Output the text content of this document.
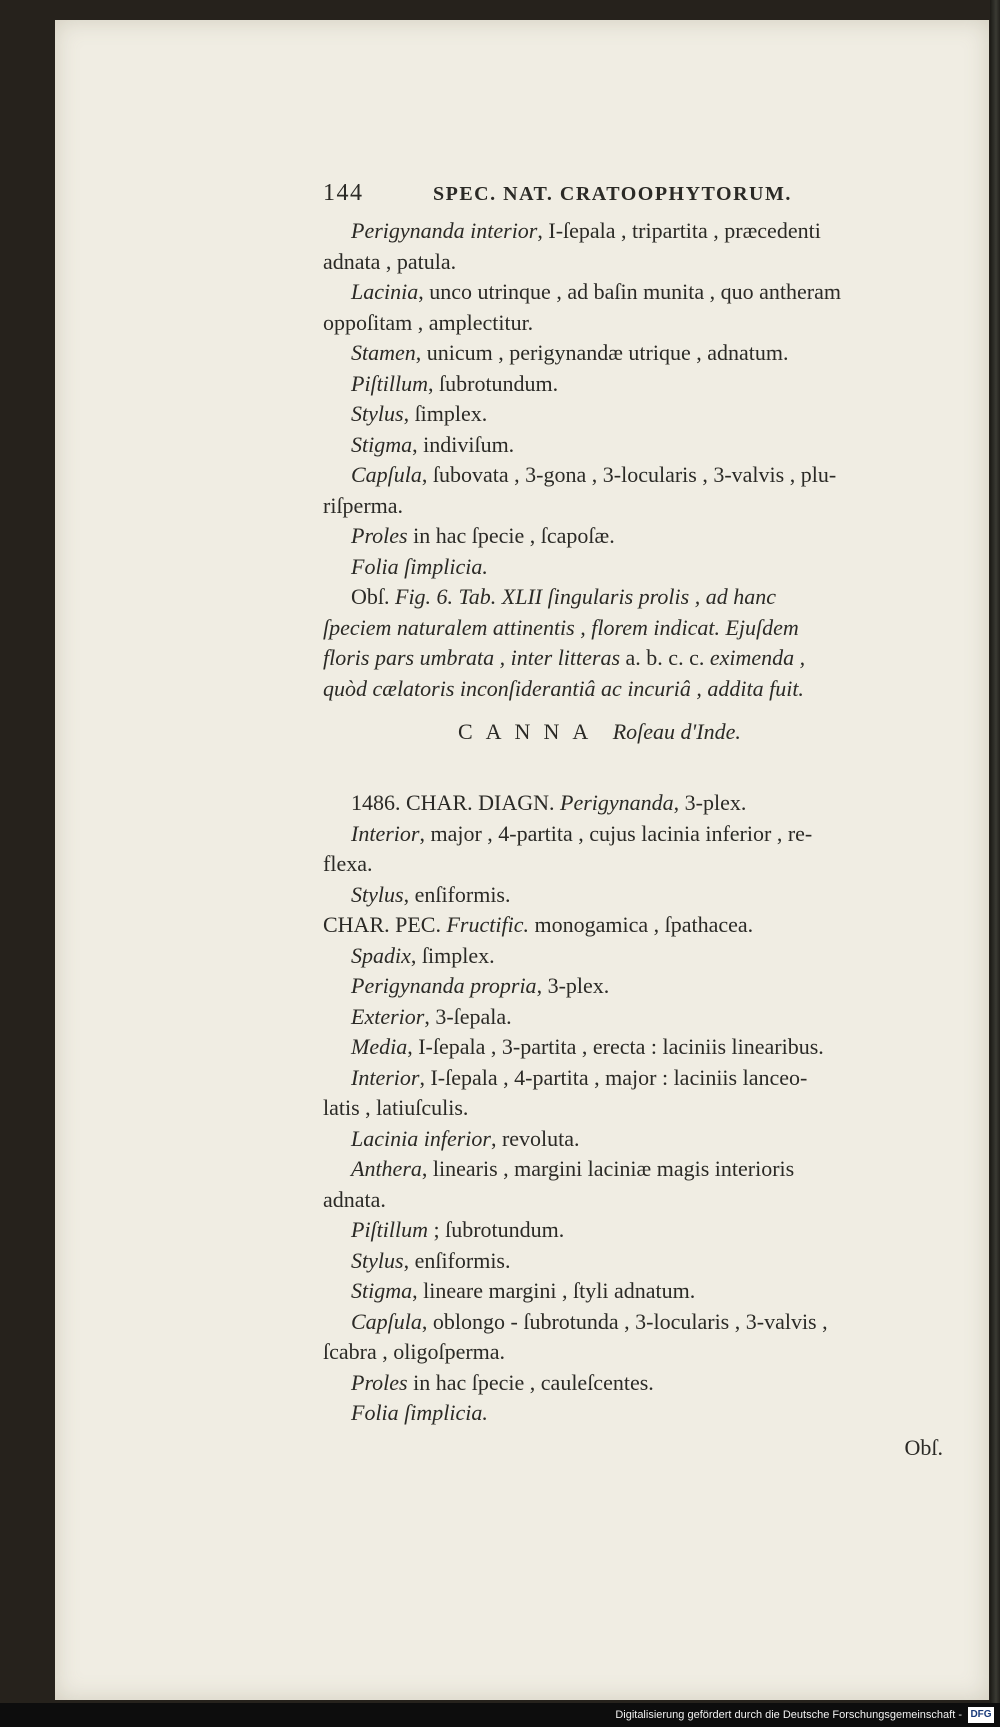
144	SPEC. NAT. CRATOOPHYTORUM.
Perigynanda interior, I-ſepala , tripartita , præcedenti
adnata , patula.
Lacinia, unco utrinque , ad baſin munita , quo antheram
oppoſitam , amplectitur.
Stamen, unicum , perigynandæ utrique , adnatum.
Piſtillum, ſubrotundum.
Stylus, ſimplex.
Stigma, indiviſum.
Capſula, ſubovata , 3-gona , 3-locularis , 3-valvis , plu-
riſperma.
Proles in hac ſpecie , ſcapoſæ.
Folia ſimplicia.
Obſ. Fig. 6. Tab. XLII ſingularis prolis , ad hanc
ſpeciem naturalem attinentis , florem indicat. Ejuſdem
floris pars umbrata , inter litteras a. b. c. c. eximenda ,
quòd cælatoris inconſiderantiâ ac incuriâ , addita fuit.
CANNA Roſeau d'Inde.
1486. CHAR. DIAGN. Perigynanda, 3-plex.
Interior, major , 4-partita , cujus lacinia inferior , re-
flexa.
Stylus, enſiformis.
CHAR. PEC. Fructific. monogamica , ſpathacea.
Spadix, ſimplex.
Perigynanda propria, 3-plex.
Exterior, 3-ſepala.
Media, I-ſepala , 3-partita , erecta : laciniis linearibus.
Interior, I-ſepala , 4-partita , major : laciniis lanceo-
latis , latiuſculis.
Lacinia inferior, revoluta.
Anthera, linearis , margini laciniæ magis interioris
adnata.
Piſtillum ; ſubrotundum.
Stylus, enſiformis.
Stigma, lineare margini , ſtyli adnatum.
Capſula, oblongo - ſubrotunda , 3-locularis , 3-valvis ,
ſcabra , oligoſperma.
Proles in hac ſpecie , cauleſcentes.
Folia ſimplicia.
Obſ.
Digitalisierung gefördert durch die Deutsche Forschungsgemeinschaft - DFG
